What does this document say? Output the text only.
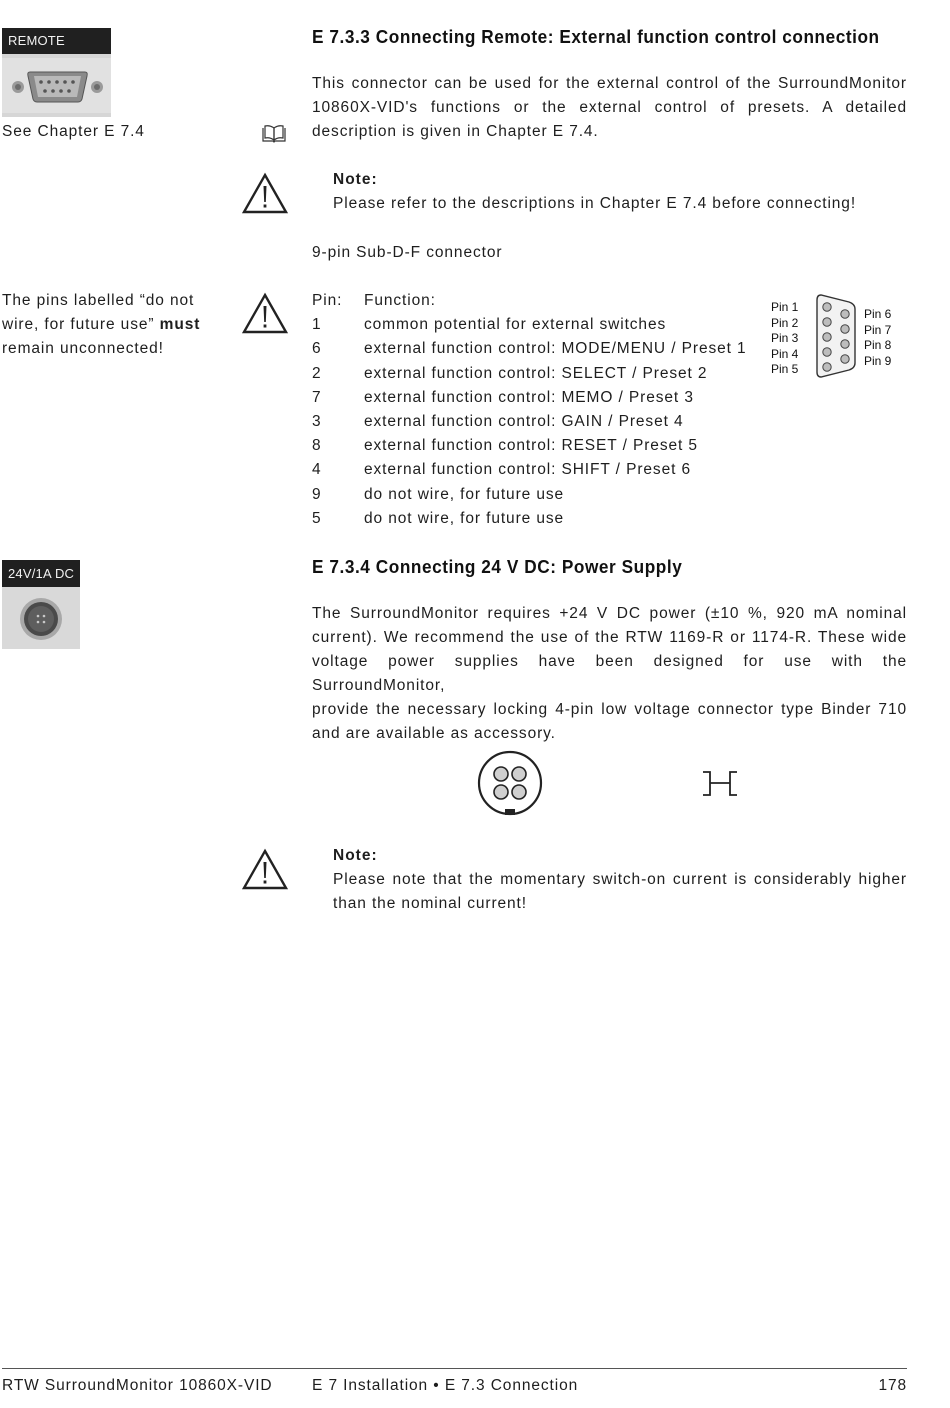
REMOTE
See Chapter E 7.4
E 7.3.3 Connecting Remote: External function control connection
This connector can be used for the external control of the SurroundMonitor
10860X-VID's functions or the external control of presets. A detailed
description is given in Chapter E 7.4.
Note:
Please refer to the descriptions in Chapter E 7.4 before connecting!
9-pin Sub-D-F connector
The pins labelled “do not wire, for future use” must remain unconnected!
Pin:	Function:
1	common potential for external switches
6	external function control: MODE/MENU / Preset 1
2	external function control: SELECT / Preset 2
7	external function control: MEMO / Preset 3
3	external function control: GAIN / Preset 4
8	external function control: RESET / Preset 5
4	external function control: SHIFT / Preset 6
9	do not wire, for future use
5	do not wire, for future use
Pin 1
Pin 2
Pin 3
Pin 4
Pin 5
Pin 6
Pin 7
Pin 8
Pin 9
24V/1A DC	E 7.3.4 Connecting 24 V DC: Power Supply
The SurroundMonitor requires +24 V DC power (±10 %, 920 mA nominal
current). We recommend the use of the RTW 1169-R or 1174-R. These wide
voltage power supplies have been designed for use with the SurroundMonitor,
provide the necessary locking 4-pin low voltage connector type Binder 710
and are available as accessory.
Note:
Please note that the momentary switch-on current is considerably higher
than the nominal current!
RTW SurroundMonitor 10860X-VID	E 7 Installation • E 7.3 Connection	178
